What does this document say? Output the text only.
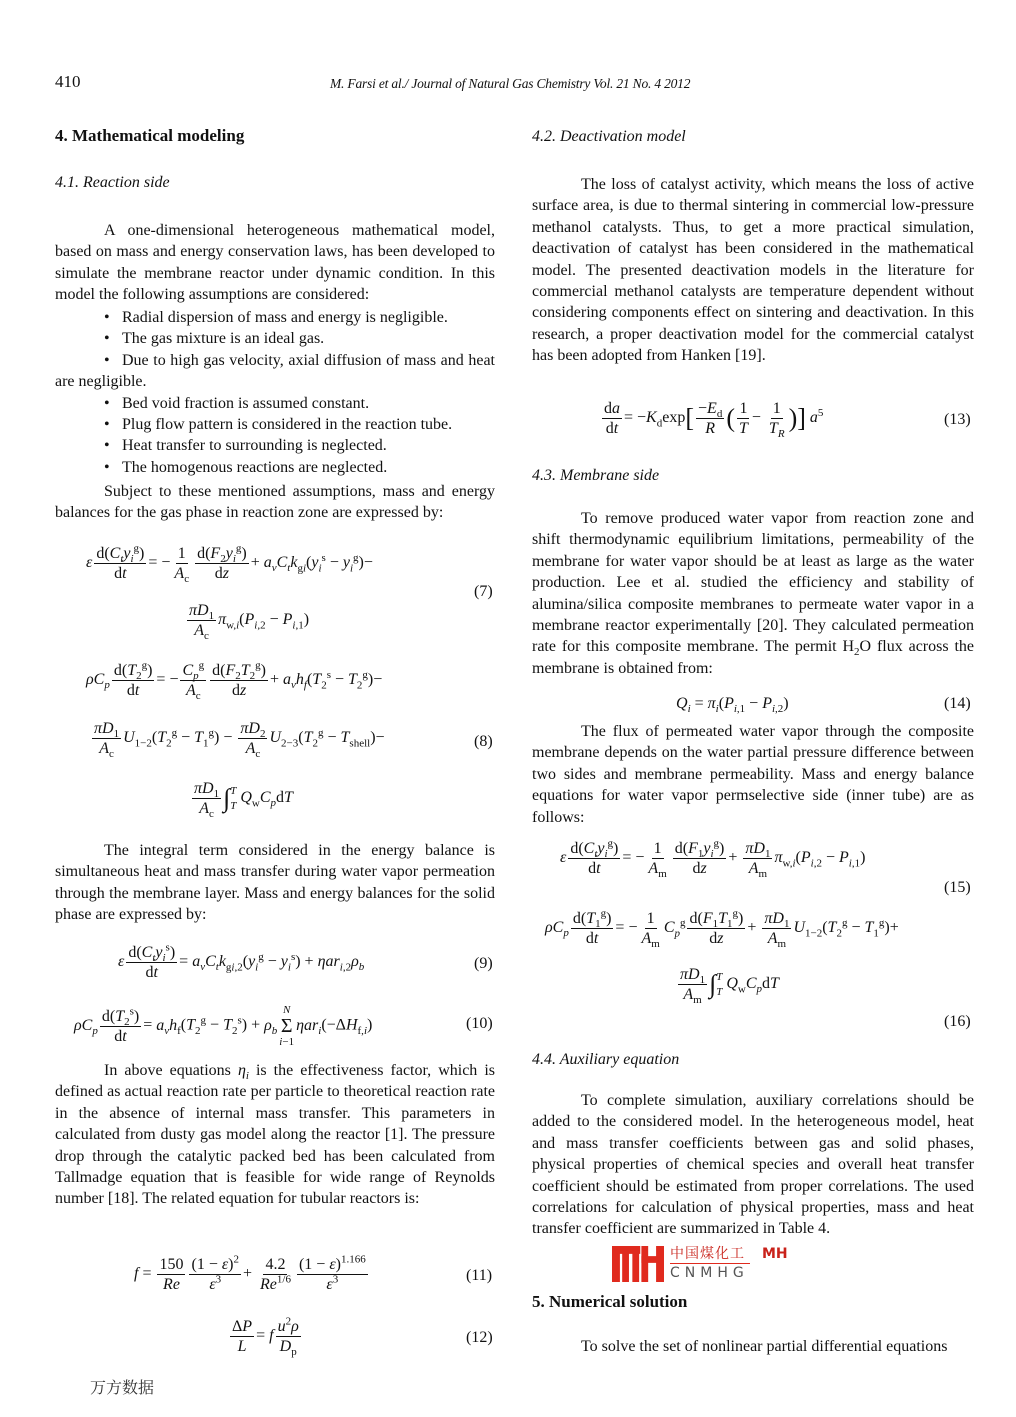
410	M. Farsi et al./ Journal of Natural Gas Chemistry Vol. 21 No. 4 2012
4. Mathematical modeling
4.1. Reaction side
A one-dimensional heterogeneous mathematical model, based on mass and energy conservation laws, has been developed to simulate the membrane reactor under dynamic condition. In this model the following assumptions are considered:
• Radial dispersion of mass and energy is negligible.
• The gas mixture is an ideal gas.
• Due to high gas velocity, axial diffusion of mass and heat are negligible.
• Bed void fraction is assumed constant.
• Plug flow pattern is considered in the reaction tube.
• Heat transfer to surrounding is neglected.
• The homogenous reactions are neglected.
Subject to these mentioned assumptions, mass and energy balances for the gas phase in reaction zone are expressed by:
ε $\frac{d(C_ty_i^g)}{dt}$ = − $\frac{1}{A_c} \frac{d(F_2y_i^g)}{dz} + a_vC_tk_{gi}(y_i^s - y_i^g)-$
(7)
$\frac{\pi D_1}{A_c} \pi_{w,i}(P_{i,2} - P_{i,1})$
$\rho C_p \frac{d(T_2^g)}{dt}$ = − $\frac{C_p^g}{A_c} \frac{d(F_2T_2^g)}{dz} + a_vh_f(T_2^s - T_2^g)-$
$\frac{\pi D_1}{A_c} U_{1-2}(T_2^g - T_1^g) - \frac{\pi D_2}{A_c} U_{2-3}(T_2^g - T_{shell})-$	(8)
$\frac{\pi D_1}{A_c}$ ∫ T
T $Q_wC_pdT$
The integral term considered in the energy balance is simultaneous heat and mass transfer during water vapor permeation through the membrane layer. Mass and energy balances for the solid phase are expressed by:
ε $\frac{d(C_ty_i^s)}{dt} = a_vC_tk_{gi,2}(y_i^g - y_i^s) + \eta ar_{i,2}\rho_b$	(9)
$\rho C_p \frac{d(T_2^s)}{dt} = a_vh_f(T_2^g - T_2^s) + \rho_b$
N
Σ
i−1
$\eta ar_i(-\Delta H_{f,i})$	(10)
In above equations $\eta_i$ is the effectiveness factor, which is defined as actual reaction rate per particle to theoretical reaction rate in the absence of internal mass transfer. This parameters in calculated from dusty gas model along the reactor [1]. The pressure drop through the catalytic packed bed has been calculated from Tallmadge equation that is feasible for wide range of Reynolds number [18]. The related equation for tubular reactors is:
$f = \frac{150}{Re} \frac{(1 - \varepsilon)^2}{\varepsilon^3} + \frac{4.2}{Re^{1/6}} \frac{(1 - \varepsilon)^{1.166}}{\varepsilon^3}$	(11)
$\frac{\Delta P}{L} = f \frac{u^2\rho}{D_p}$	(12)
万方数据
4.2. Deactivation model
The loss of catalyst activity, which means the loss of active surface area, is due to thermal sintering in commercial low-pressure methanol catalysts. Thus, to get a more practical simulation, deactivation of catalyst has been considered in the mathematical model. The presented deactivation models in the literature for commercial methanol catalysts are temperature dependent without considering components effect on sintering and deactivation. In this research, a proper deactivation model for the commercial catalyst has been adopted from Hanken [19].
$\frac{da}{dt} = -K_d\exp[ \frac{-E_d}{R}$ ( $\frac{1}{T} - \frac{1}{T_R}$ )] $a^5$	(13)
4.3. Membrane side
To remove produced water vapor from reaction zone and shift thermodynamic equilibrium limitations, permeability of the membrane for water vapor should be at least as large as the water production. Lee et al. studied the efficiency and stability of alumina/silica composite membranes to permeate water vapor in a membrane reactor experimentally [20]. They calculated permeation rate for this composite membrane. The permit $H_2O$ flux across the membrane is obtained from:
$Q_i = \pi_i(P_{i,1} - P_{i,2})$	(14)
The flux of permeated water vapor through the composite membrane depends on the water partial pressure difference between two sides and membrane permeability. Mass and energy balance equations for water vapor permselective side (inner tube) are as follows:
ε $\frac{d(C_ty_i^g)}{dt}$ = − $\frac{1}{A_m} \frac{d(F_1y_i^g)}{dz} + \frac{\pi D_1}{A_m} \pi_{w,i}(P_{i,2} - P_{i,1})$
(15)
$\rho C_p \frac{d(T_1^g)}{dt}$ = − $\frac{1}{A_m} C_p^g \frac{d(F_1T_1^g)}{dz} + \frac{\pi D_1}{A_m} U_{1-2}(T_2^g - T_1^g)+$
$\frac{\pi D_1}{A_m}$ ∫ T
T $Q_wC_pdT$
(16)
4.4. Auxiliary equation
To complete simulation, auxiliary correlations should be added to the considered model. In the heterogeneous model, heat and mass transfer coefficients between gas and solid phases, physical properties of chemical species and overall heat transfer coefficient should be estimated from proper correlations. The used correlations for calculation of physical properties, mass and heat transfer coefficient are summarized in Table 4.
中国煤化工 MH
CNMHG
5. Numerical solution
To solve the set of nonlinear partial differential equations
